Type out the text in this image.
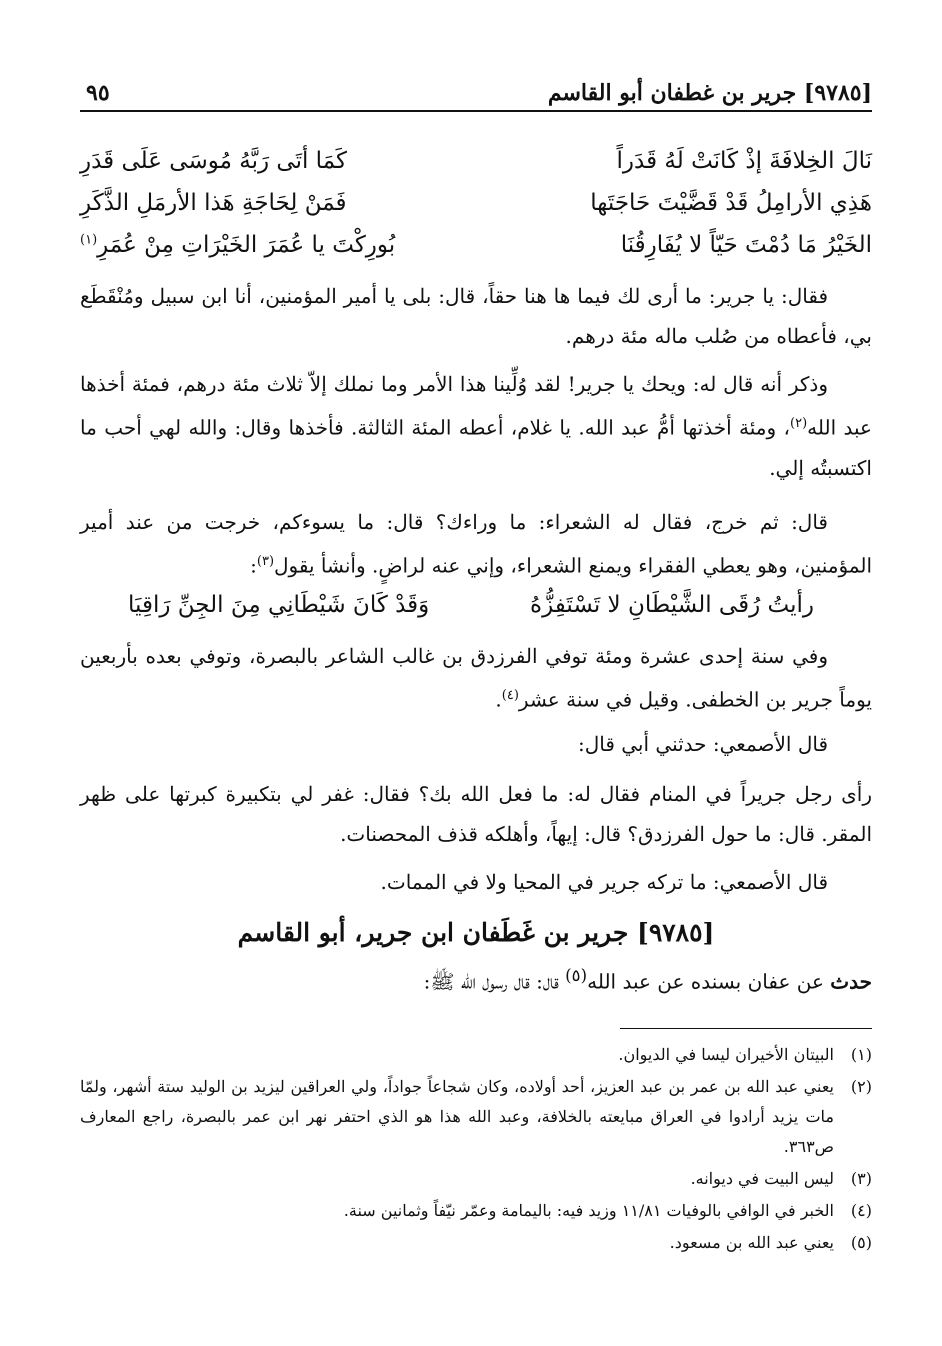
[٩٧٨٥] جرير بن غطفان أبو القاسم
٩٥
نَالَ الخِلافَةَ إذْ كَانَتْ لَهُ قَدَراً
كَمَا أتَى رَبَّهُ مُوسَى عَلَى قَدَرِ
هَذِي الأرامِلُ قَدْ قَضَّيْتَ حَاجَتَها
فَمَنْ لِحَاجَةِ هَذا الأرمَلِ الذَّكَرِ
الخَيْرُ مَا دُمْتَ حَيّاً لا يُفَارِقُنَا
بُورِكْتَ يا عُمَرَ الخَيْرَاتِ مِنْ عُمَرِ$^{(١)}$

فقال: يا جرير: ما أرى لك فيما ها هنا حقاً، قال: بلى يا أمير المؤمنين، أنا ابن سبيل ومُنْقَطَع بي، فأعطاه من صُلب ماله مئة درهم.

وذكر أنه قال له: ويحك يا جرير! لقد وُلِّينا هذا الأمر وما نملك إلاّ ثلاث مئة درهم، فمئة أخذها عبد الله$^{(٢)}$، ومئة أخذتها أمُّ عبد الله. يا غلام، أعطه المئة الثالثة. فأخذها وقال: والله لهي أحب ما اكتسبتُه إلي.

قال: ثم خرج، فقال له الشعراء: ما وراءك؟ قال: ما يسوءكم، خرجت من عند أمير المؤمنين، وهو يعطي الفقراء ويمنع الشعراء، وإني عنه لراضٍ. وأنشأ يقول$^{(٣)}$:

رأيتُ رُقَى الشَّيْطَانِ لا تَسْتَفِزُّهُ
وَقَدْ كَانَ شَيْطَانِي مِنَ الجِنِّ رَاقِيَا

وفي سنة إحدى عشرة ومئة توفي الفرزدق بن غالب الشاعر بالبصرة، وتوفي بعده بأربعين يوماً جرير بن الخطفى. وقيل في سنة عشر$^{(٤)}$.

قال الأصمعي: حدثني أبي قال:

رأى رجل جريراً في المنام فقال له: ما فعل الله بك؟ فقال: غفر لي بتكبيرة كبرتها على ظهر المقر. قال: ما حول الفرزدق؟ قال: إيهاً، وأهلكه قذف المحصنات.

قال الأصمعي: ما تركه جرير في المحيا ولا في الممات.

[٩٧٨٥] جرير بن غَطَفان ابن جرير، أبو القاسم
حدث عن عفان بسنده عن عبد الله$^{(٥)}$ قال: قال رسول الله ﷺ:

( ١ )
البيتان الأخيران ليسا في الديوان.

( ٢ )
يعني عبد الله بن عمر بن عبد العزيز، أحد أولاده، وكان شجاعاً جواداً، ولي العراقين ليزيد بن الوليد ستة أشهر، ولمّا مات يزيد أرادوا في العراق مبايعته بالخلافة، وعبد الله هذا هو الذي احتفر نهر ابن عمر بالبصرة، راجع المعارف ص٣٦٣.

( ٣ )
ليس البيت في ديوانه.

( ٤ )
الخبر في الوافي بالوفيات ١١/٨١ وزيد فيه: باليمامة وعمّر نيّفاً وثمانين سنة.

( ٥ )
يعني عبد الله بن مسعود.
